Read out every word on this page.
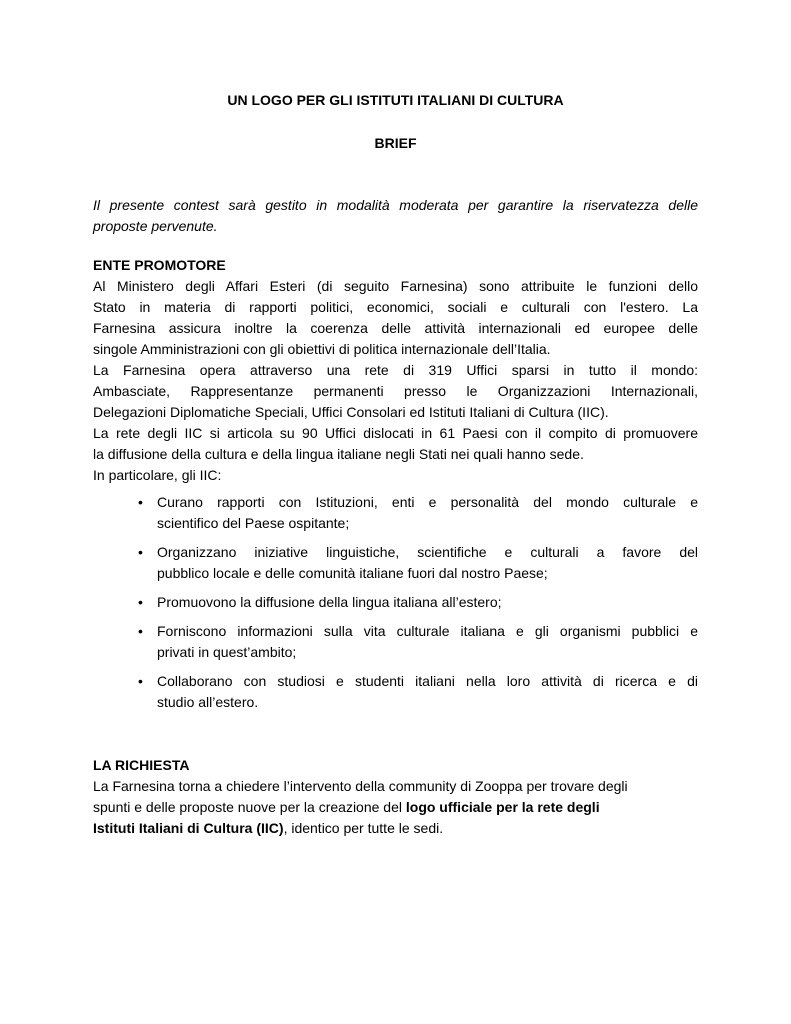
UN LOGO PER GLI ISTITUTI ITALIANI DI CULTURA
BRIEF
Il presente contest sarà gestito in modalità moderata per garantire la riservatezza delle
proposte pervenute.
ENTE PROMOTORE
Al Ministero degli Affari Esteri (di seguito Farnesina) sono attribuite le funzioni dello
Stato in materia di rapporti politici, economici, sociali e culturali con l'estero. La
Farnesina assicura inoltre la coerenza delle attività internazionali ed europee delle
singole Amministrazioni con gli obiettivi di politica internazionale dell’Italia.
La Farnesina opera attraverso una rete di 319 Uffici sparsi in tutto il mondo:
Ambasciate, Rappresentanze permanenti presso le Organizzazioni Internazionali,
Delegazioni Diplomatiche Speciali, Uffici Consolari ed Istituti Italiani di Cultura (IIC).
La rete degli IIC si articola su 90 Uffici dislocati in 61 Paesi con il compito di promuovere
la diffusione della cultura e della lingua italiane negli Stati nei quali hanno sede.
In particolare, gli IIC:
• Curano rapporti con Istituzioni, enti e personalità del mondo culturale e
scientifico del Paese ospitante;
• Organizzano iniziative linguistiche, scientifiche e culturali a favore del
pubblico locale e delle comunità italiane fuori dal nostro Paese;
• Promuovono la diffusione della lingua italiana all’estero;
• Forniscono informazioni sulla vita culturale italiana e gli organismi pubblici e
privati in quest’ambito;
• Collaborano con studiosi e studenti italiani nella loro attività di ricerca e di
studio all’estero.
LA RICHIESTA
La Farnesina torna a chiedere l’intervento della community di Zooppa per trovare degli
spunti e delle proposte nuove per la creazione del logo ufficiale per la rete degli
Istituti Italiani di Cultura (IIC), identico per tutte le sedi.
